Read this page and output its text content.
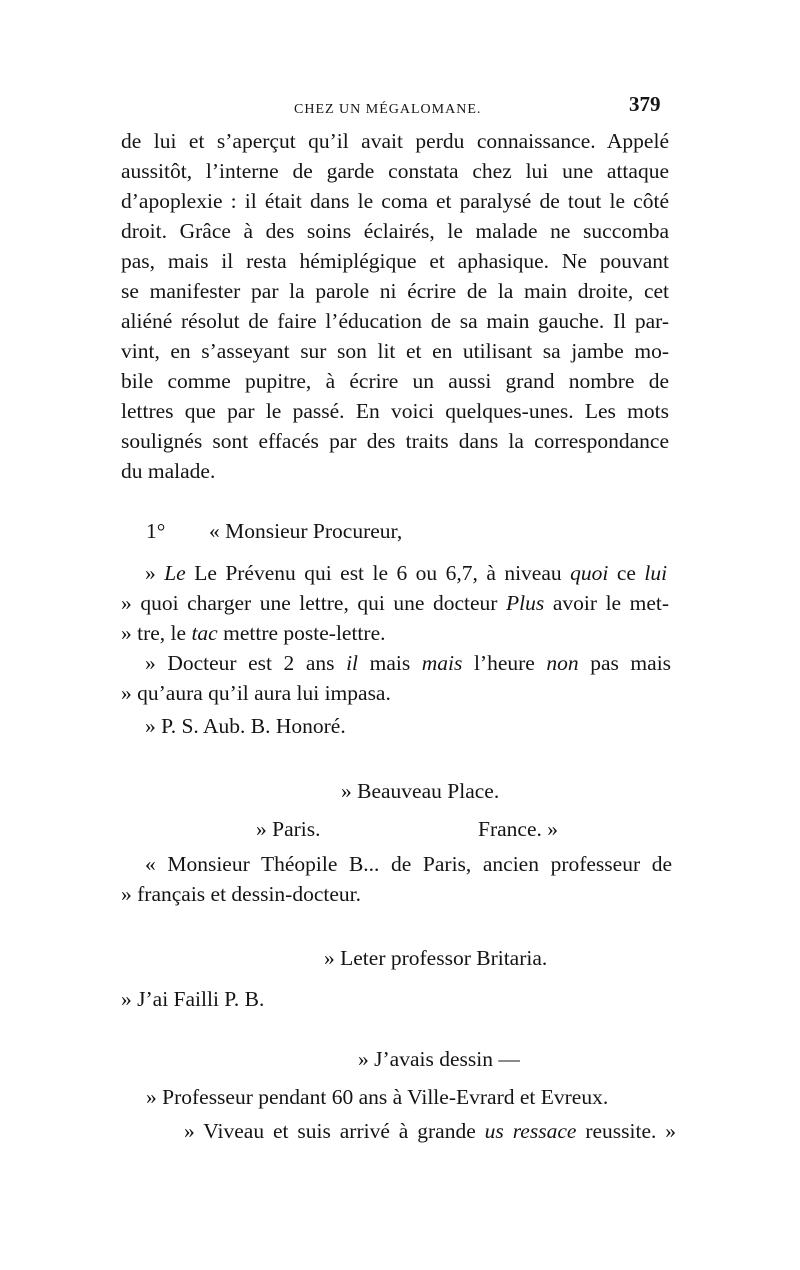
CHEZ UN MÉGALOMANE.	379
de lui et s’aperçut qu’il avait perdu connaissance. Appelé
aussitôt, l’interne de garde constata chez lui une attaque
d’apoplexie : il était dans le coma et paralysé de tout le côté
droit. Grâce à des soins éclairés, le malade ne succomba
pas, mais il resta hémiplégique et aphasique. Ne pouvant
se manifester par la parole ni écrire de la main droite, cet
aliéné résolut de faire l’éducation de sa main gauche. Il par-
vint, en s’asseyant sur son lit et en utilisant sa jambe mo-
bile comme pupitre, à écrire un aussi grand nombre de
lettres que par le passé. En voici quelques-unes. Les mots
soulignés sont effacés par des traits dans la correspondance
du malade.
1° « Monsieur Procureur,
» Le Le Prévenu qui est le 6 ou 6,7, à niveau quoi ce lui
» quoi charger une lettre, qui une docteur Plus avoir le met-
» tre, le tac mettre poste-lettre.
» Docteur est 2 ans il mais mais l’heure non pas mais
» qu’aura qu’il aura lui impasa.
» P. S. Aub. B. Honoré.
» Beauveau Place.
» Paris.	France. »
« Monsieur Théopile B... de Paris, ancien professeur de
» français et dessin-docteur.
» Leter professor Britaria.
» J’ai Failli P. B.
» J’avais dessin —
» Professeur pendant 60 ans à Ville-Evrard et Evreux.
» Viveau et suis arrivé à grande us ressace reussite. »
